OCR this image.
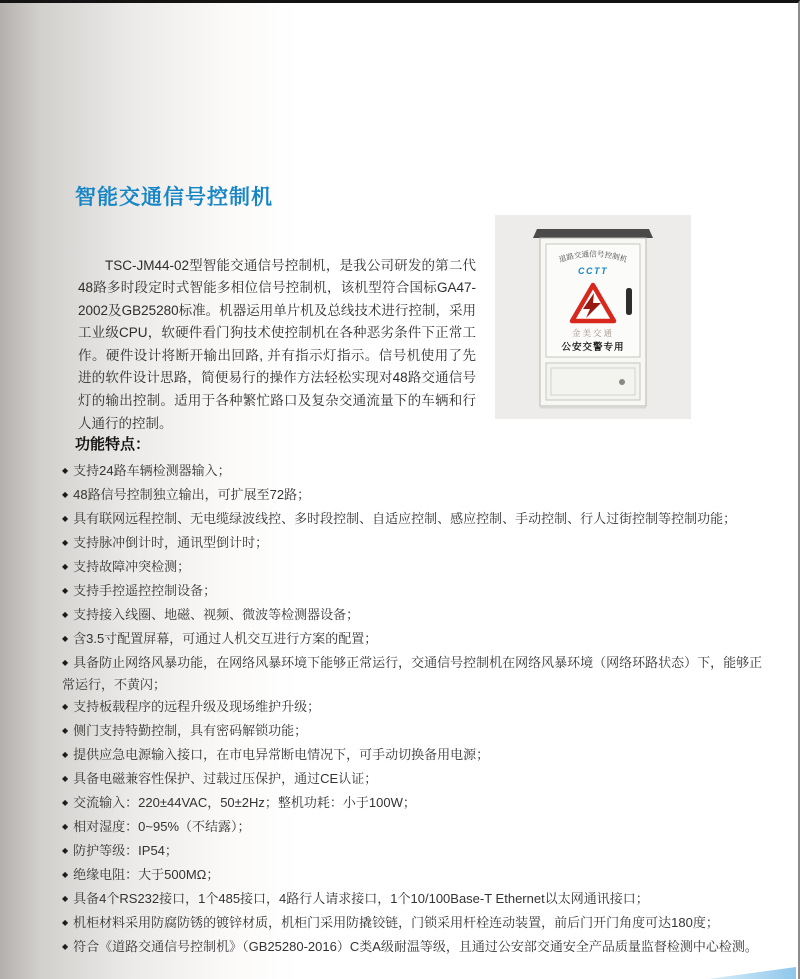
智能交通信号控制机

TSC-JM44-02型智能交通信号控制机，是我公司研发的第二代48路多时段定时式智能多相位信号控制机，该机型符合国标GA47-2002及GB25280标准。机器运用单片机及总线技术进行控制，采用工业级CPU，软硬件看门狗技术使控制机在各种恶劣条件下正常工作。硬件设计将断开输出回路, 并有指示灯指示。信号机使用了先进的软件设计思路，简便易行的操作方法轻松实现对48路交通信号灯的输出控制。适用于各种繁忙路口及复杂交通流量下的车辆和行人通行的控制。

道路交通信号控制机
CCTT
金美交通
公安交警专用
功能特点：
◆ 支持24路车辆检测器输入；
◆ 48路信号控制独立输出，可扩展至72路；
◆ 具有联网远程控制、无电缆绿波线控、多时段控制、自适应控制、感应控制、手动控制、行人过街控制等控制功能；
◆ 支持脉冲倒计时，通讯型倒计时；
◆ 支持故障冲突检测；
◆ 支持手控遥控控制设备；
◆ 支持接入线圈、地磁、视频、微波等检测器设备；
◆ 含3.5寸配置屏幕，可通过人机交互进行方案的配置；
◆ 具备防止网络风暴功能，在网络风暴环境下能够正常运行，交通信号控制机在网络风暴环境（网络环路状态）下，能够正常运行，不黄闪；
◆ 支持板载程序的远程升级及现场维护升级；
◆ 侧门支持特勤控制，具有密码解锁功能；
◆ 提供应急电源输入接口，在市电异常断电情况下，可手动切换备用电源；
◆ 具备电磁兼容性保护、过载过压保护，通过CE认证；
◆ 交流输入：220±44VAC，50±2Hz；整机功耗：小于100W；
◆ 相对湿度：0~95%（不结露）；
◆ 防护等级：IP54；
◆ 绝缘电阻：大于500MΩ；
◆ 具备4个RS232接口，1个485接口，4路行人请求接口，1个10/100Base-T Ethernet以太网通讯接口；
◆ 机柜材料采用防腐防锈的镀锌材质，机柜门采用防撬铰链，门锁采用杆栓连动装置，前后门开门角度可达180度；
◆ 符合《道路交通信号控制机》（GB25280-2016）C类A级耐温等级，且通过公安部交通安全产品质量监督检测中心检测。
